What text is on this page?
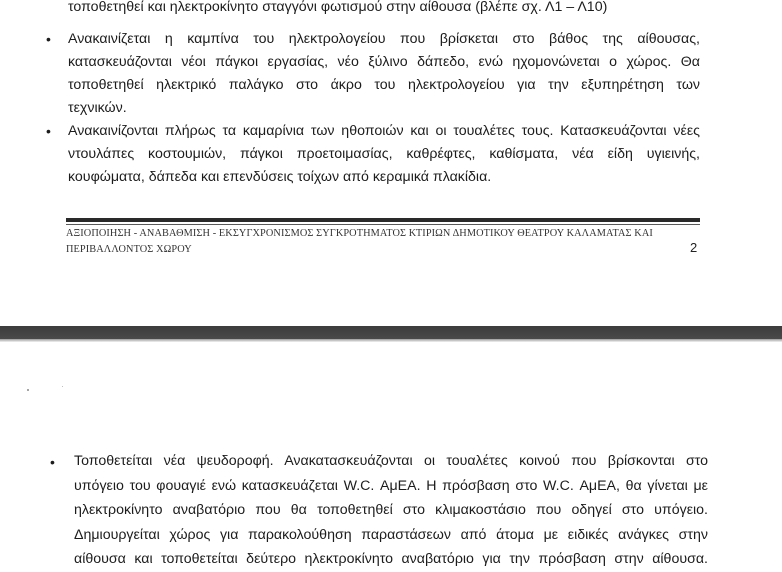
τοποθετηθεί και ηλεκτροκίνητο σταγγόνι φωτισμού στην αίθουσα (βλέπε σχ. Λ1 – Λ10)
• Ανακαινίζεται η καμπίνα του ηλεκτρολογείου που βρίσκεται στο βάθος της αίθουσας,
κατασκευάζονται νέοι πάγκοι εργασίας, νέο ξύλινο δάπεδο, ενώ ηχομονώνεται ο χώρος. Θα
τοποθετηθεί ηλεκτρικό παλάγκο στο άκρο του ηλεκτρολογείου για την εξυπηρέτηση των
τεχνικών.
• Ανακαινίζονται πλήρως τα καμαρίνια των ηθοποιών και οι τουαλέτες τους. Κατασκευάζονται νέες
ντουλάπες κοστουμιών, πάγκοι προετοιμασίας, καθρέφτες, καθίσματα, νέα είδη υγιεινής,
κουφώματα, δάπεδα και επενδύσεις τοίχων από κεραμικά πλακίδια.
ΑΞΙΟΠΟΙΗΣΗ - ΑΝΑΒΑΘΜΙΣΗ - ΕΚΣΥΓΧΡΟΝΙΣΜΟΣ ΣΥΓΚΡΟΤΗΜΑΤΟΣ ΚΤΙΡΙΩΝ ΔΗΜΟΤΙΚΟΥ ΘΕΑΤΡΟΥ ΚΑΛΑΜΑΤΑΣ ΚΑΙ
ΠΕΡΙΒΑΛΛΟΝΤΟΣ ΧΩΡΟΥ	2
• Τοποθετείται νέα ψευδοροφή. Ανακατασκευάζονται οι τουαλέτες κοινού που βρίσκονται στο
υπόγειο του φουαγιέ ενώ κατασκευάζεται W.C. ΑμΕΑ. Η πρόσβαση στο W.C. ΑμΕΑ, θα γίνεται με
ηλεκτροκίνητο αναβατόριο που θα τοποθετηθεί στο κλιμακοστάσιο που οδηγεί στο υπόγειο.
Δημιουργείται χώρος για παρακολούθηση παραστάσεων από άτομα με ειδικές ανάγκες στην
αίθουσα και τοποθετείται δεύτερο ηλεκτροκίνητο αναβατόριο για την πρόσβαση στην αίθουσα.
